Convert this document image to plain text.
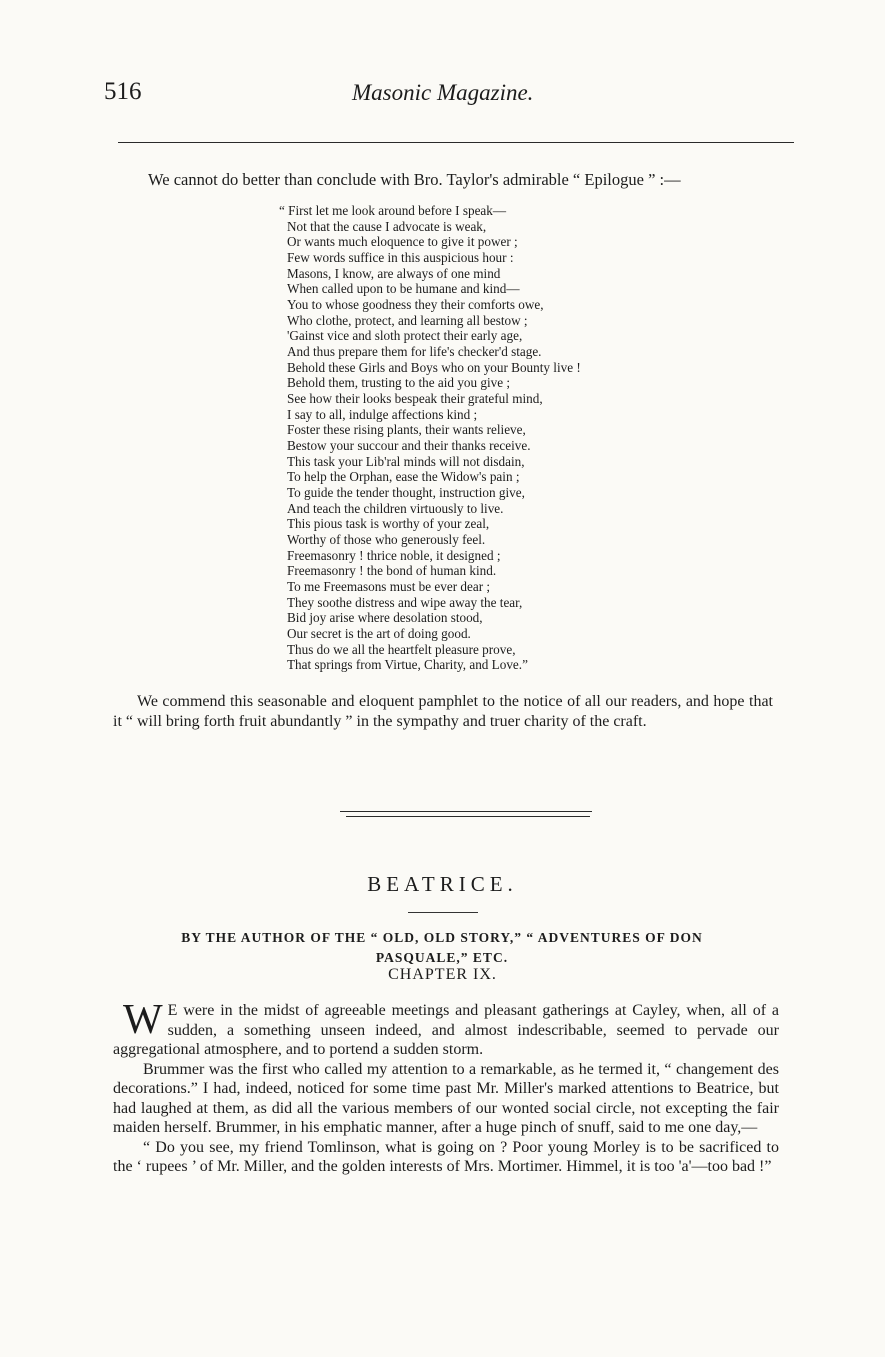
516	Masonic Magazine.
We cannot do better than conclude with Bro. Taylor's admirable “ Epilogue ” :—
“ First let me look around before I speak—
Not that the cause I advocate is weak,
Or wants much eloquence to give it power ;
Few words suffice in this auspicious hour :
Masons, I know, are always of one mind
When called upon to be humane and kind—
You to whose goodness they their comforts owe,
Who clothe, protect, and learning all bestow ;
'Gainst vice and sloth protect their early age,
And thus prepare them for life's checker'd stage.
Behold these Girls and Boys who on your Bounty live !
Behold them, trusting to the aid you give ;
See how their looks bespeak their grateful mind,
I say to all, indulge affections kind ;
Foster these rising plants, their wants relieve,
Bestow your succour and their thanks receive.
This task your Lib'ral minds will not disdain,
To help the Orphan, ease the Widow's pain ;
To guide the tender thought, instruction give,
And teach the children virtuously to live.
This pious task is worthy of your zeal,
Worthy of those who generously feel.
Freemasonry ! thrice noble, it designed ;
Freemasonry ! the bond of human kind.
To me Freemasons must be ever dear ;
They soothe distress and wipe away the tear,
Bid joy arise where desolation stood,
Our secret is the art of doing good.
Thus do we all the heartfelt pleasure prove,
That springs from Virtue, Charity, and Love.”
We commend this seasonable and eloquent pamphlet to the notice of all our readers, and hope that it “ will bring forth fruit abundantly ” in the sympathy and truer charity of the craft.
BEATRICE.
BY THE AUTHOR OF THE “ OLD, OLD STORY,” “ ADVENTURES OF DON PASQUALE,” ETC.
CHAPTER IX.

W E were in the midst of agreeable meetings and pleasant gatherings at Cayley, when, all of a sudden, a something unseen indeed, and almost indescribable, seemed to pervade our aggregational atmosphere, and to portend a sudden storm.

Brummer was the first who called my attention to a remarkable, as he termed it, “ changement des decorations.” I had, indeed, noticed for some time past Mr. Miller's marked attentions to Beatrice, but had laughed at them, as did all the various members of our wonted social circle, not excepting the fair maiden herself. Brummer, in his emphatic manner, after a huge pinch of snuff, said to me one day,—

“ Do you see, my friend Tomlinson, what is going on ? Poor young Morley is to be sacrificed to the ‘ rupees ’ of Mr. Miller, and the golden interests of Mrs. Mortimer. Himmel, it is too 'a'—too bad !”
